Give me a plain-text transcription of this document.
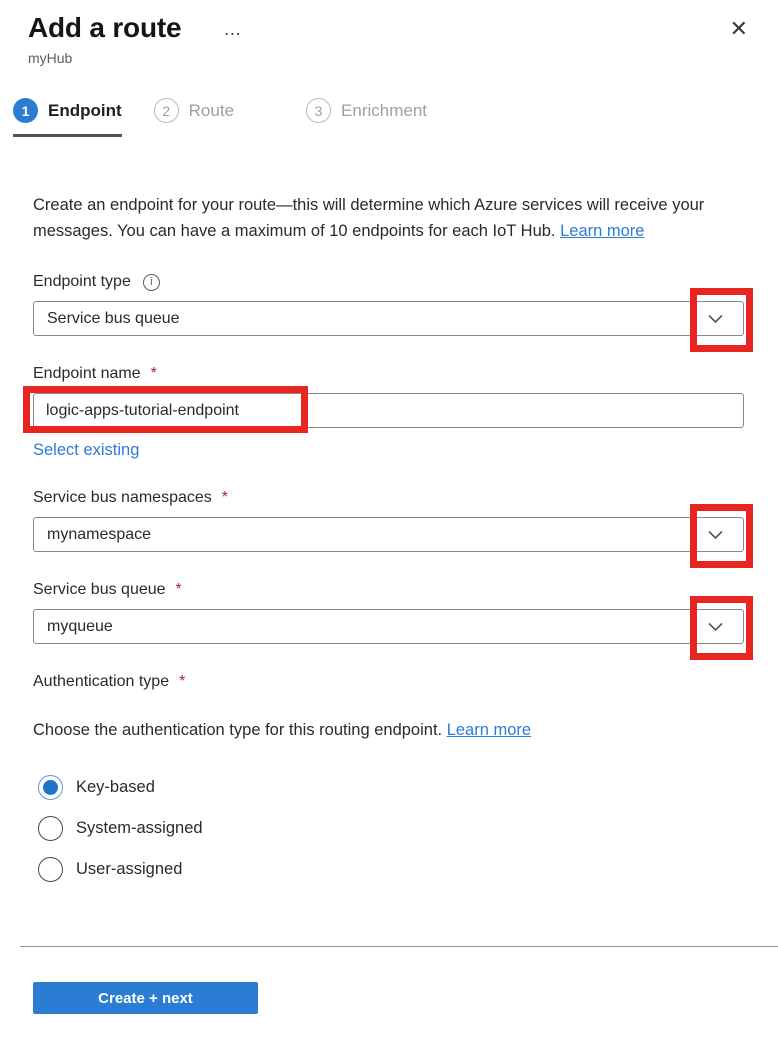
Add a route …	✕
myHub
1	Endpoint	2	Route	3	Enrichment

Create an endpoint for your route—this will determine which Azure services will receive your messages. You can have a maximum of 10 endpoints for each IoT Hub. Learn more

Endpoint type	i
Service bus queue
Endpoint name *
logic-apps-tutorial-endpoint
Select existing
Service bus namespaces *
mynamespace
Service bus queue *
myqueue
Authentication type *

Choose the authentication type for this routing endpoint. Learn more

Key-based
System-assigned
User-assigned
Create + next
